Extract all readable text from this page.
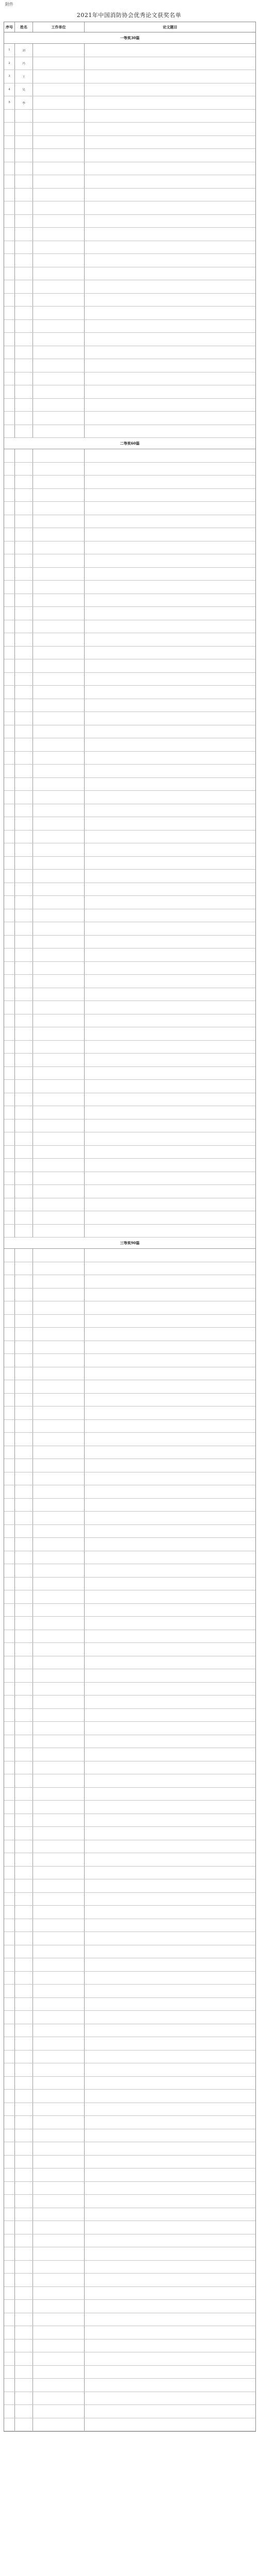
附件
2021年中国消防协会优秀论文获奖名单
序号	姓名	工作单位	论文题目
一等奖30篇
1	刘
2	冯
3	王
4	吴
5	李
二等奖60篇
三等奖90篇
